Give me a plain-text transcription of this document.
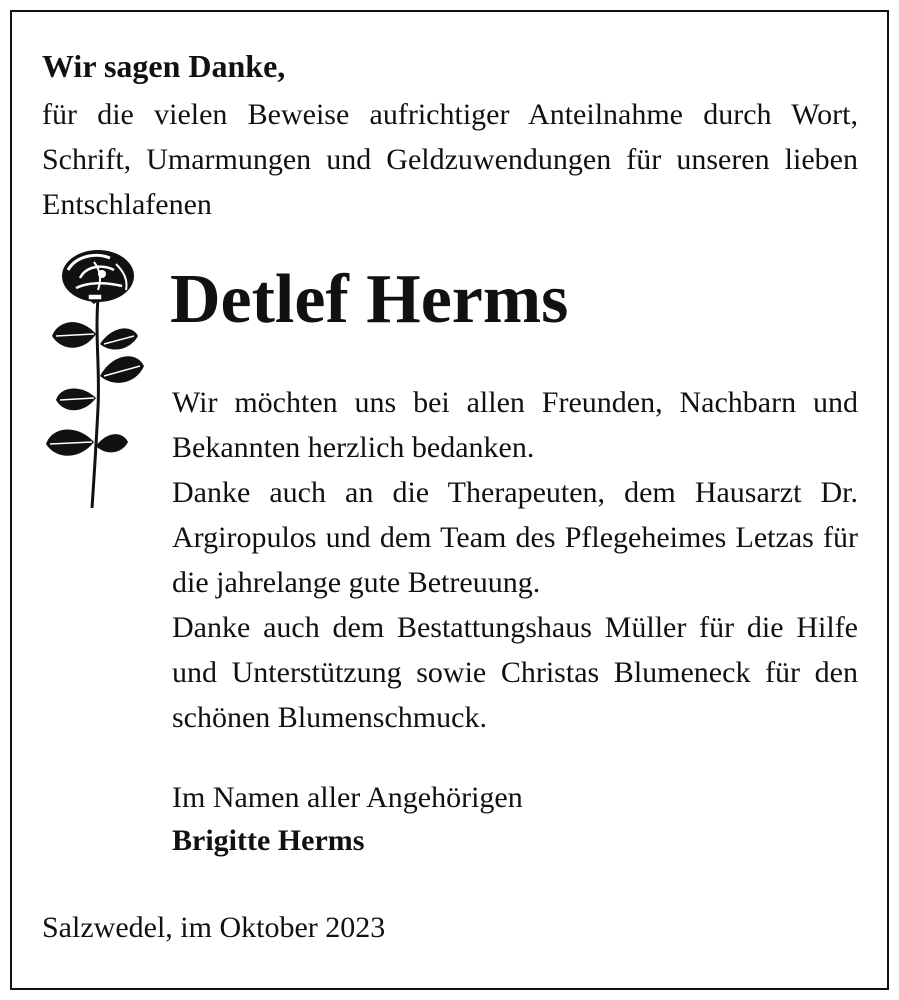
Wir sagen Danke,

für die vielen Beweise aufrichtiger Anteilnahme durch Wort, Schrift, Umarmungen und Geldzuwendungen für unseren lieben Entschlafenen

Detlef Herms

Wir möchten uns bei allen Freunden, Nachbarn und Bekannten herzlich bedanken.

Danke auch an die Therapeuten, dem Hausarzt Dr. Argiropulos und dem Team des Pflegeheimes Letzas für die jahrelange gute Betreuung.

Danke auch dem Bestattungshaus Müller für die Hilfe und Unterstützung sowie Christas Blumeneck für den schönen Blumenschmuck.

Im Namen aller Angehörigen

Brigitte Herms

Salzwedel, im Oktober 2023
